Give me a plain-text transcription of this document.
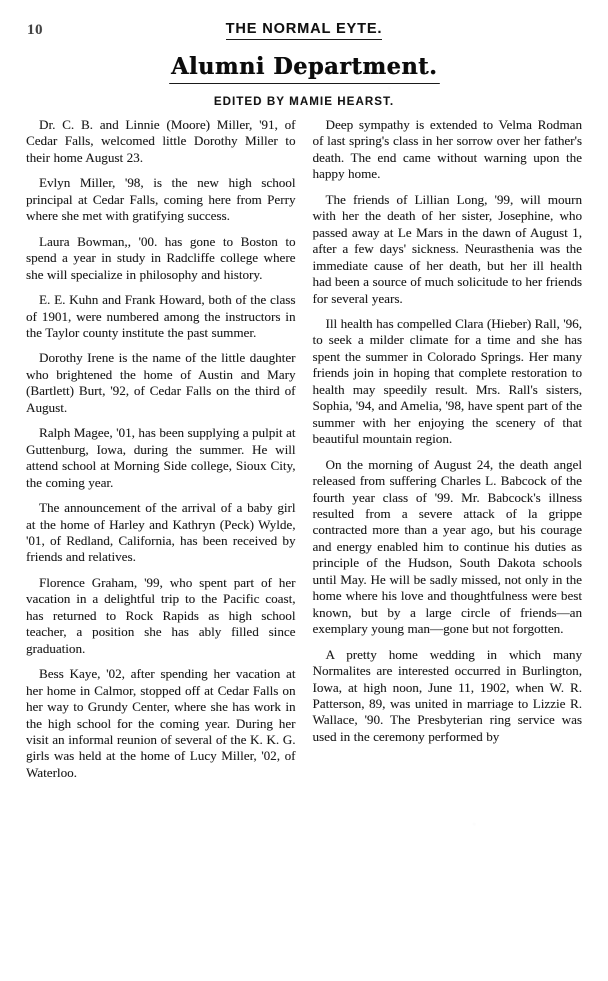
10	THE NORMAL EYTE.
Alumni Department.
EDITED BY MAMIE HEARST.

Dr. C. B. and Linnie (Moore) Miller, '91, of Cedar Falls, welcomed little Dorothy Miller to their home August 23.

Evlyn Miller, '98, is the new high school principal at Cedar Falls, coming here from Perry where she met with gratifying success.

Laura Bowman,, '00. has gone to Boston to spend a year in study in Radcliffe college where she will specialize in philosophy and history.

E. E. Kuhn and Frank Howard, both of the class of 1901, were numbered among the instructors in the Taylor county institute the past summer.

Dorothy Irene is the name of the little daughter who brightened the home of Austin and Mary (Bartlett) Burt, '92, of Cedar Falls on the third of August.

Ralph Magee, '01, has been supplying a pulpit at Guttenburg, Iowa, during the summer. He will attend school at Morning Side college, Sioux City, the coming year.

The announcement of the arrival of a baby girl at the home of Harley and Kathryn (Peck) Wylde, '01, of Redland, California, has been received by friends and relatives.

Florence Graham, '99, who spent part of her vacation in a delightful trip to the Pacific coast, has returned to Rock Rapids as high school teacher, a position she has ably filled since graduation.

Bess Kaye, '02, after spending her vacation at her home in Calmor, stopped off at Cedar Falls on her way to Grundy Center, where she has work in the high school for the coming year. During her visit an informal reunion of several of the K. K. G. girls was held at the home of Lucy Miller, '02, of Waterloo.

Deep sympathy is extended to Velma Rodman of last spring's class in her sorrow over her father's death. The end came without warning upon the happy home.

The friends of Lillian Long, '99, will mourn with her the death of her sister, Josephine, who passed away at Le Mars in the dawn of August 1, after a few days' sickness. Neurasthenia was the immediate cause of her death, but her ill health had been a source of much solicitude to her friends for several years.

Ill health has compelled Clara (Hieber) Rall, '96, to seek a milder climate for a time and she has spent the summer in Colorado Springs. Her many friends join in hoping that complete restoration to health may speedily result. Mrs. Rall's sisters, Sophia, '94, and Amelia, '98, have spent part of the summer with her enjoying the scenery of that beautiful mountain region.

On the morning of August 24, the death angel released from suffering Charles L. Babcock of the fourth year class of '99. Mr. Babcock's illness resulted from a severe attack of la grippe contracted more than a year ago, but his courage and energy enabled him to continue his duties as principle of the Hudson, South Dakota schools until May. He will be sadly missed, not only in the home where his love and thoughtfulness were best known, but by a large circle of friends—an exemplary young man—gone but not forgotten.

A pretty home wedding in which many Normalites are interested occurred in Burlington, Iowa, at high noon, June 11, 1902, when W. R. Patterson, 89, was united in marriage to Lizzie R. Wallace, '90. The Presbyterian ring service was used in the ceremony performed by
